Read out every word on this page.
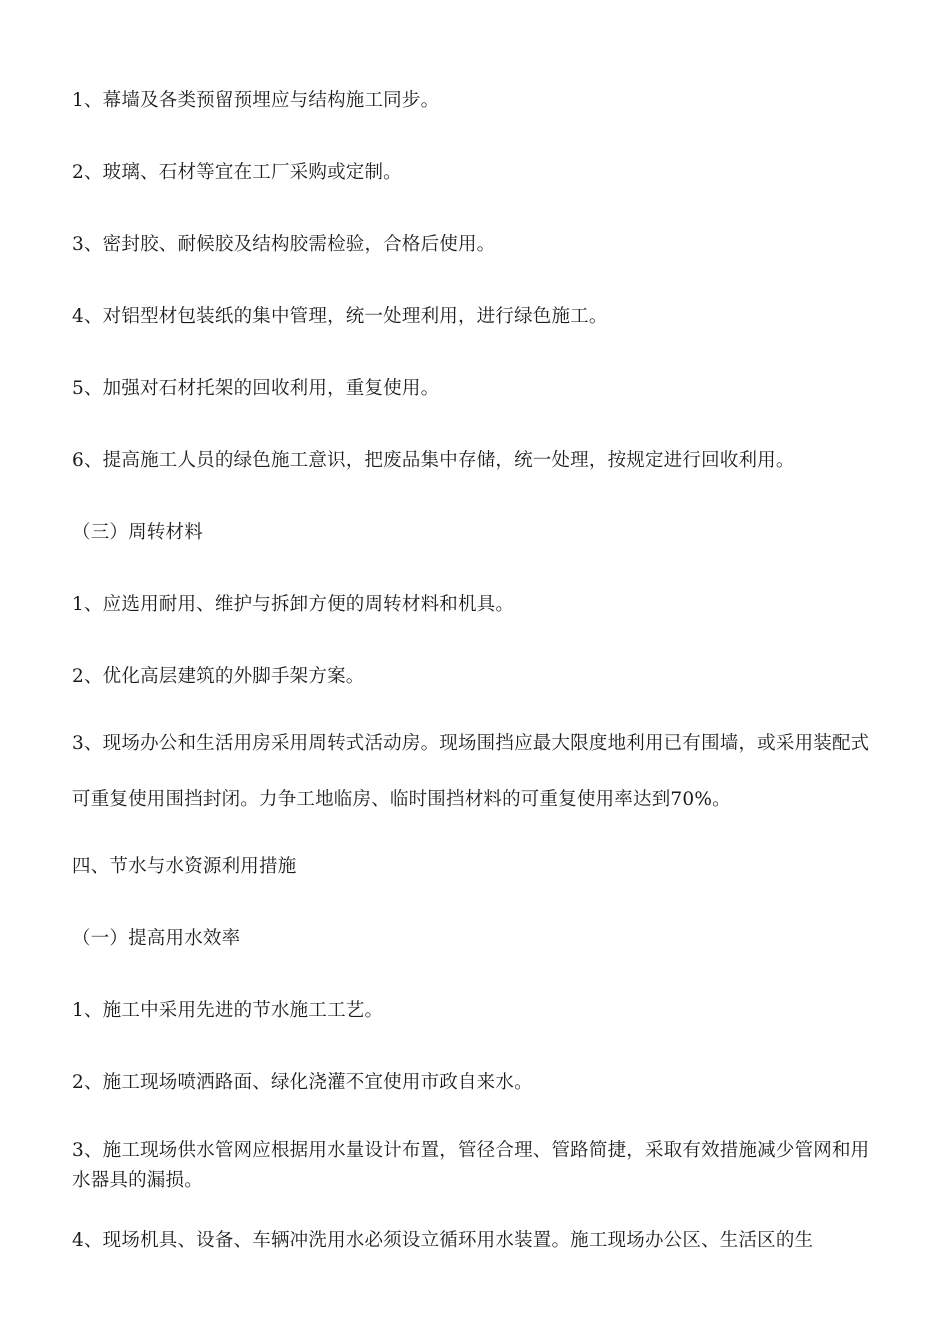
1、幕墙及各类预留预埋应与结构施工同步。

2、玻璃、石材等宜在工厂采购或定制。

3、密封胶、耐候胶及结构胶需检验，合格后使用。

4、对铝型材包装纸的集中管理，统一处理利用，进行绿色施工。

5、加强对石材托架的回收利用，重复使用。

6、提高施工人员的绿色施工意识，把废品集中存储，统一处理，按规定进行回收利用。

（三）周转材料

1、应选用耐用、维护与拆卸方便的周转材料和机具。

2、优化高层建筑的外脚手架方案。

3、现场办公和生活用房采用周转式活动房。现场围挡应最大限度地利用已有围墙，或采用装配式可重复使用围挡封闭。力争工地临房、临时围挡材料的可重复使用率达到70%。

四、节水与水资源利用措施

（一）提高用水效率

1、施工中采用先进的节水施工工艺。

2、施工现场喷洒路面、绿化浇灌不宜使用市政自来水。

3、施工现场供水管网应根据用水量设计布置，管径合理、管路简捷，采取有效措施减少管网和用水器具的漏损。

4、现场机具、设备、车辆冲洗用水必须设立循环用水装置。施工现场办公区、生活区的生
